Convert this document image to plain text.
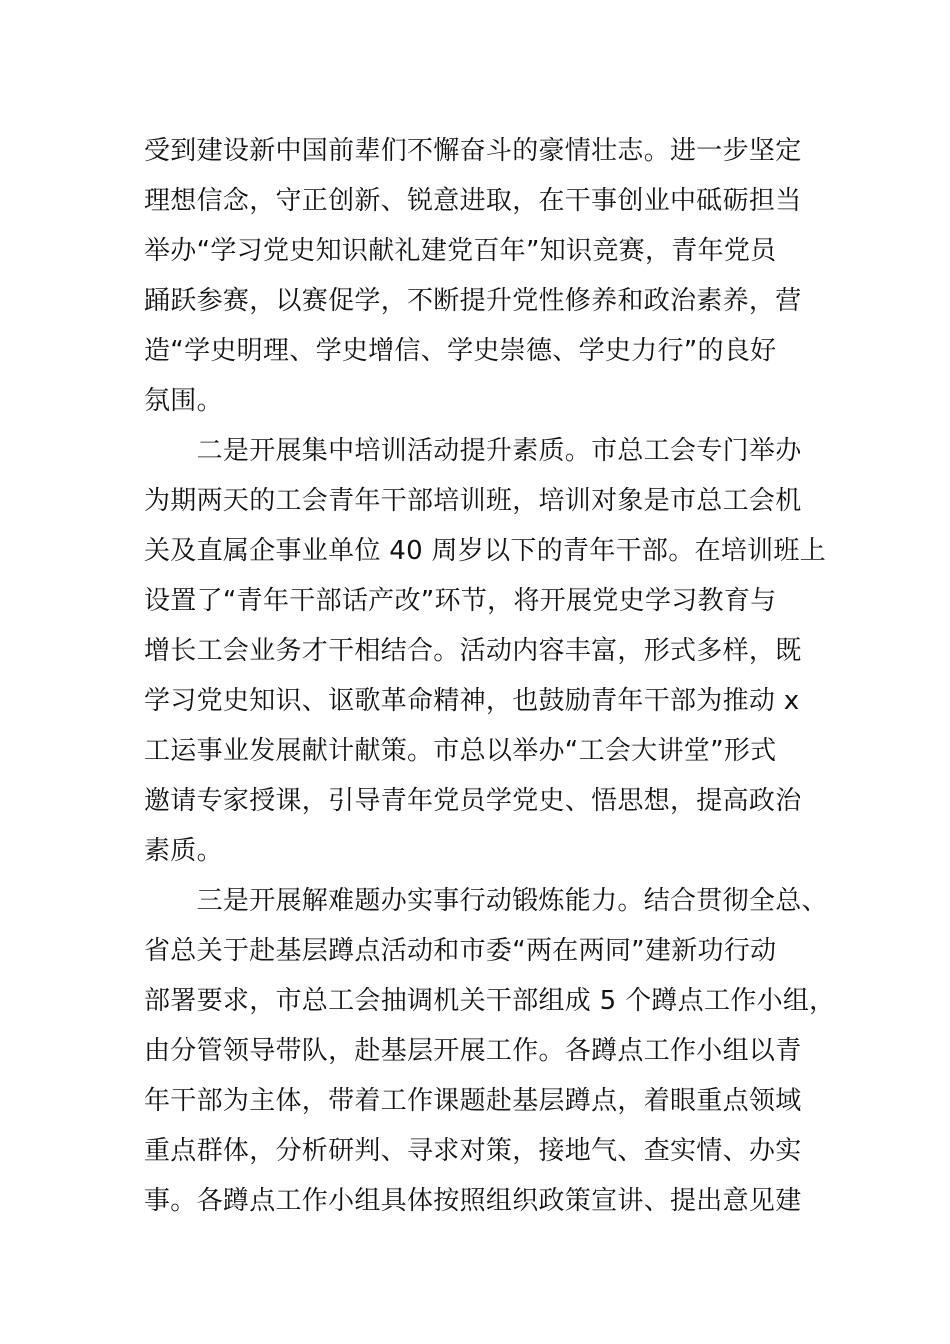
受到建设新中国前辈们不懈奋斗的豪情壮志。进一步坚定
理想信念，守正创新、锐意进取，在干事创业中砥砺担当
举办“学习党史知识献礼建党百年”知识竞赛，青年党员
踊跃参赛，以赛促学，不断提升党性修养和政治素养，营
造“学史明理、学史增信、学史崇德、学史力行”的良好
氛围。
　　二是开展集中培训活动提升素质。市总工会专门举办
为期两天的工会青年干部培训班，培训对象是市总工会机
关及直属企事业单位 40 周岁以下的青年干部。在培训班上
设置了“青年干部话产改”环节，将开展党史学习教育与
增长工会业务才干相结合。活动内容丰富，形式多样，既
学习党史知识、讴歌革命精神，也鼓励青年干部为推动 x
工运事业发展献计献策。市总以举办“工会大讲堂”形式
邀请专家授课，引导青年党员学党史、悟思想，提高政治
素质。
　　三是开展解难题办实事行动锻炼能力。结合贯彻全总、
省总关于赴基层蹲点活动和市委“两在两同”建新功行动
部署要求，市总工会抽调机关干部组成 5 个蹲点工作小组，
由分管领导带队，赴基层开展工作。各蹲点工作小组以青
年干部为主体，带着工作课题赴基层蹲点，着眼重点领域
重点群体，分析研判、寻求对策，接地气、查实情、办实
事。各蹲点工作小组具体按照组织政策宣讲、提出意见建
